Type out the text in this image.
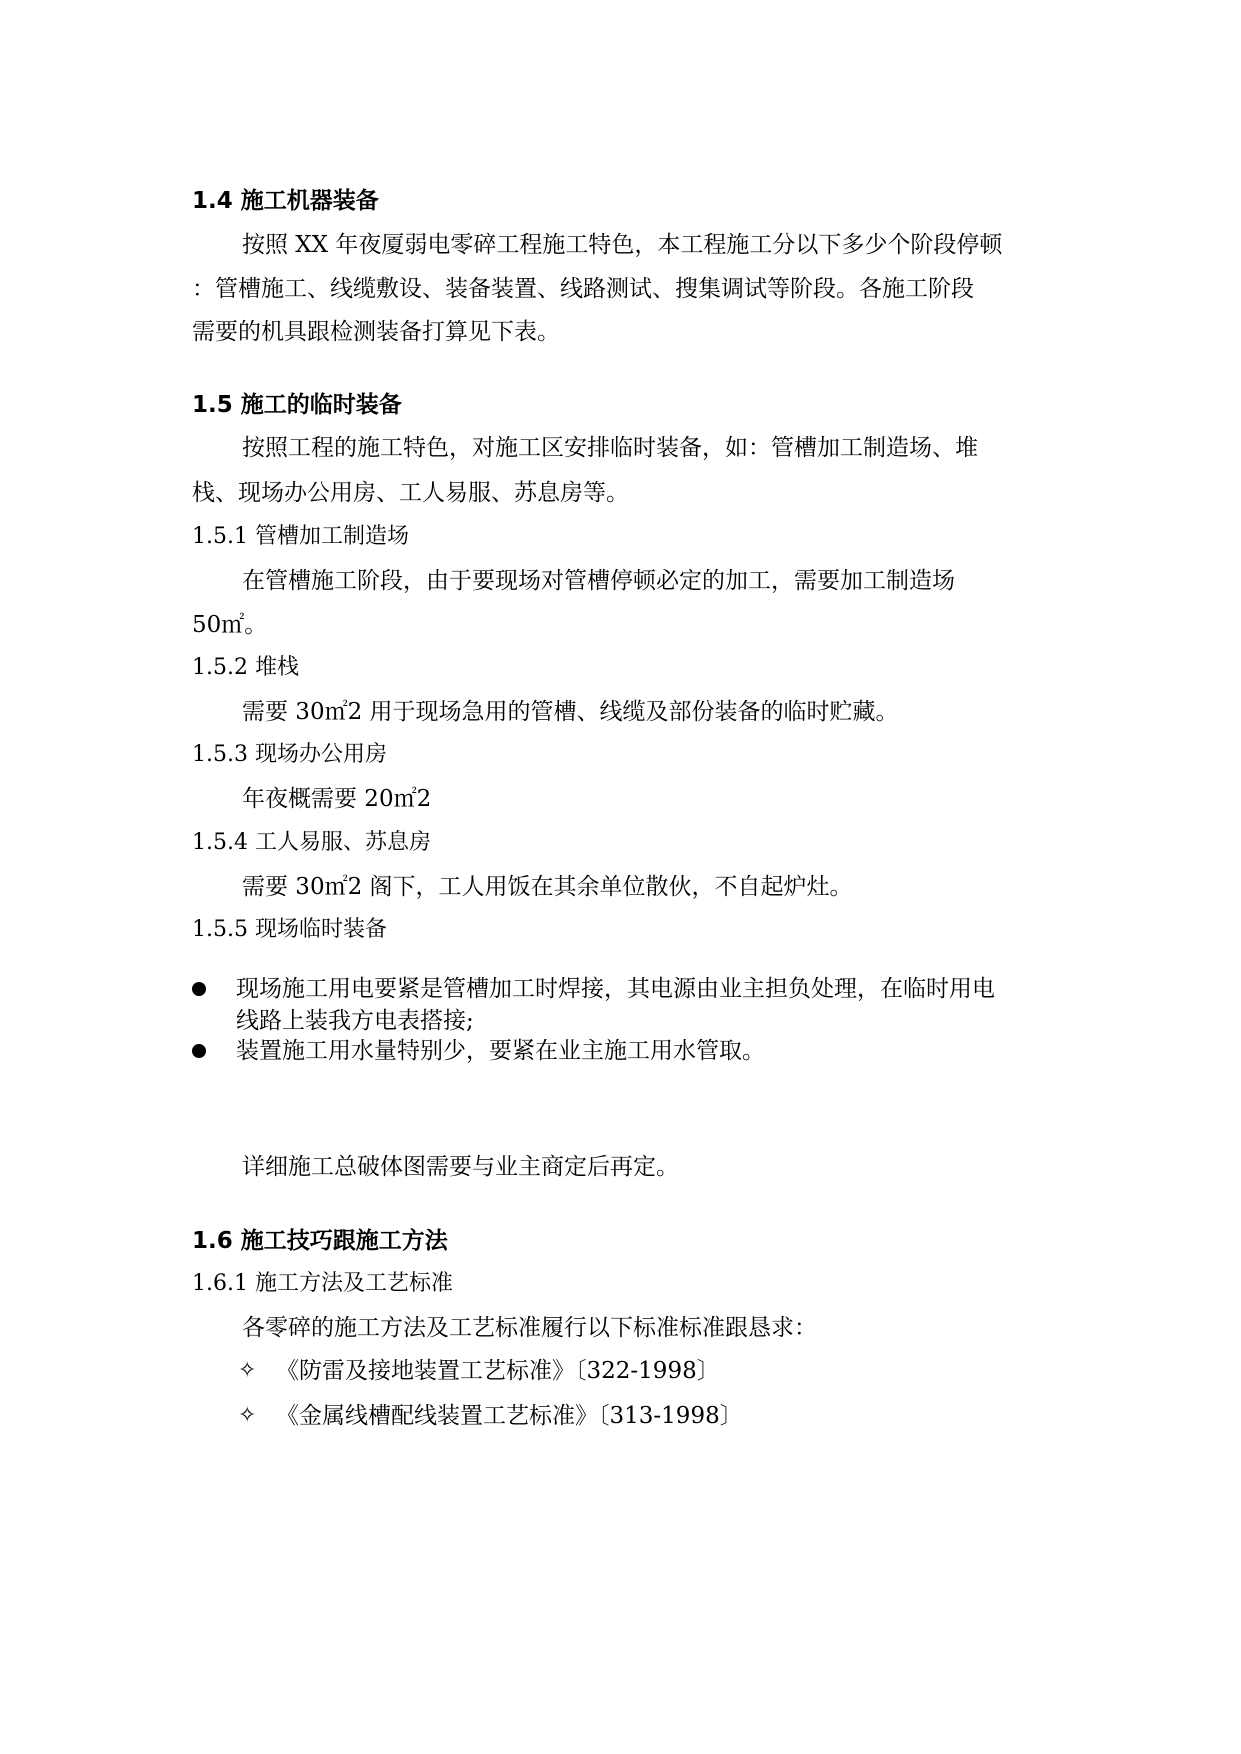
1.4 施工机器装备
按照 XX 年夜厦弱电零碎工程施工特色，本工程施工分以下多少个阶段停顿
：管槽施工、线缆敷设、装备装置、线路测试、搜集调试等阶段。各施工阶段
需要的机具跟检测装备打算见下表。
1.5 施工的临时装备
按照工程的施工特色，对施工区安排临时装备，如：管槽加工制造场、堆
栈、现场办公用房、工人易服、苏息房等。
1.5.1 管槽加工制造场
在管槽施工阶段，由于要现场对管槽停顿必定的加工，需要加工制造场
50㎡。
1.5.2 堆栈
需要 30㎡2 用于现场急用的管槽、线缆及部份装备的临时贮藏。
1.5.3 现场办公用房
年夜概需要 20㎡2
1.5.4 工人易服、苏息房
需要 30㎡2 阁下，工人用饭在其余单位散伙，不自起炉灶。
1.5.5 现场临时装备
现场施工用电要紧是管槽加工时焊接，其电源由业主担负处理，在临时用电
线路上装我方电表搭接;
装置施工用水量特别少，要紧在业主施工用水管取。
详细施工总破体图需要与业主商定后再定。
1.6 施工技巧跟施工方法
1.6.1 施工方法及工艺标准
各零碎的施工方法及工艺标准履行以下标准标准跟恳求：
✧ 《防雷及接地装置工艺标准》〔322-1998〕
✧ 《金属线槽配线装置工艺标准》〔313-1998〕
